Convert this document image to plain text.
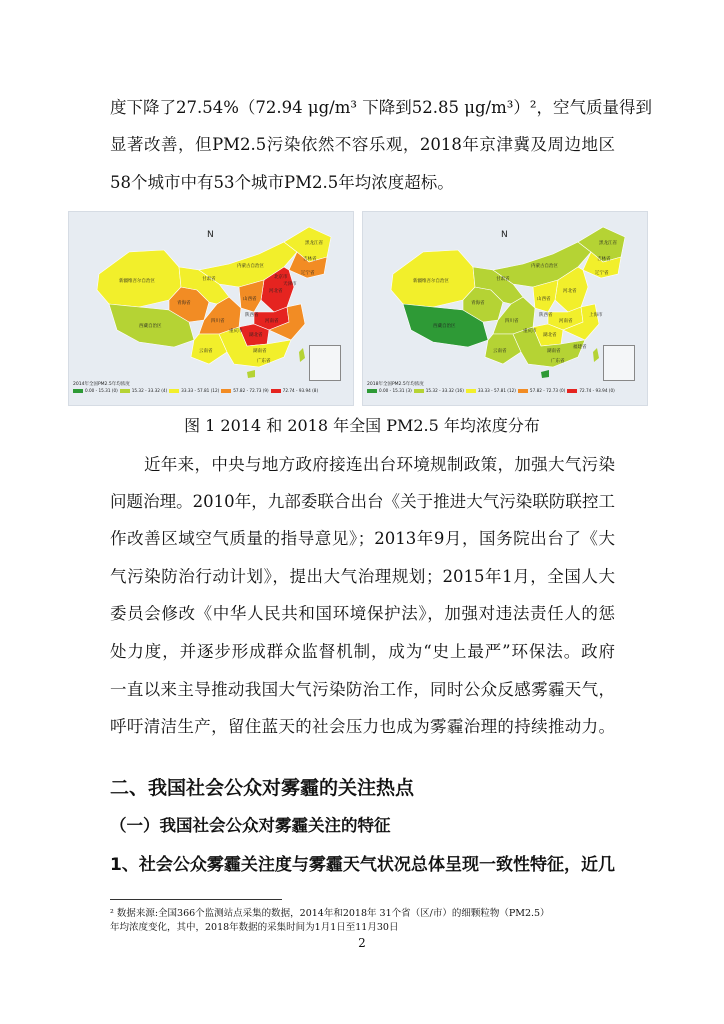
度下降了27.54%（72.94 μg/m³ 下降到52.85 μg/m³）²，空气质量得到
显著改善，但PM2.5污染依然不容乐观，2018年京津冀及周边地区
58个城市中有53个城市PM2.5年均浓度超标。
新疆维吾尔自治区
西藏自治区
青海省
甘肃省
四川省
内蒙古自治区
黑龙江省
辽宁省
河北省
山西省
陕西省
湖北省
湖南省
云南省
广东省
河南省
重庆市
吉林省
北京市
天津市
N
2014年全国PM2.5年均浓度
0.00 - 15.31 (0)	15.32 - 33.32 (4)	33.33 - 57.81 (12)	57.82 - 72.73 (9)	72.74 - 93.94 (8)
新疆维吾尔自治区
西藏自治区
青海省
甘肃省
四川省
内蒙古自治区
黑龙江省
辽宁省
河北省
山西省
陕西省
湖北省
湖南省
云南省
广东省
河南省
重庆市
吉林省
上海市
福建省
N
2018年全国PM2.5年均浓度
0.00 - 15.31 (3)	15.32 - 33.32 (16)	33.33 - 57.81 (12)	57.82 - 72.73 (0)	72.74 - 93.94 (0)
图 1 2014 和 2018 年全国 PM2.5 年均浓度分布
近年来，中央与地方政府接连出台环境规制政策，加强大气污染
问题治理。2010年，九部委联合出台《关于推进大气污染联防联控工
作改善区域空气质量的指导意见》；2013年9月，国务院出台了《大
气污染防治行动计划》，提出大气治理规划；2015年1月，全国人大
委员会修改《中华人民共和国环境保护法》，加强对违法责任人的惩
处力度，并逐步形成群众监督机制，成为“史上最严”环保法。政府
一直以来主导推动我国大气污染防治工作，同时公众反感雾霾天气，
呼吁清洁生产，留住蓝天的社会压力也成为雾霾治理的持续推动力。
二、我国社会公众对雾霾的关注热点
（一）我国社会公众对雾霾关注的特征
1、社会公众雾霾关注度与雾霾天气状况总体呈现一致性特征，近几
² 数据来源:全国366个监测站点采集的数据，2014年和2018年 31个省（区/市）的细颗粒物（PM2.5）
年均浓度变化，其中，2018年数据的采集时间为1月1日至11月30日
2
